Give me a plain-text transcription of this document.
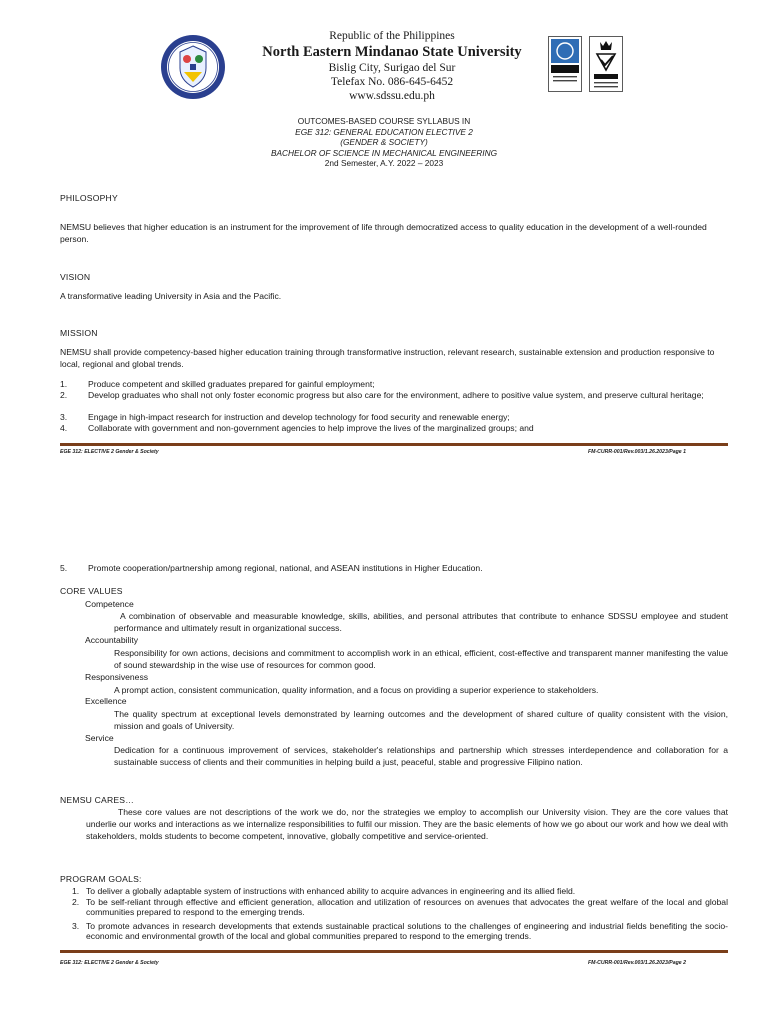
Republic of the Philippines
North Eastern Mindanao State University
Bislig City, Surigao del Sur
Telefax No. 086-645-6452
www.sdssu.edu.ph
OUTCOMES-BASED COURSE SYLLABUS IN
EGE 312: GENERAL EDUCATION ELECTIVE 2
(GENDER & SOCIETY)
BACHELOR OF SCIENCE IN MECHANICAL ENGINEERING
2nd Semester, A.Y. 2022 – 2023
PHILOSOPHY
NEMSU believes that higher education is an instrument for the improvement of life through democratized access to quality education in the development of a well-rounded person.
VISION
A transformative leading University in Asia and the Pacific.
MISSION
NEMSU shall provide competency-based higher education training through transformative instruction, relevant research, sustainable extension and production responsive to local, regional and global trends.
1. Produce competent and skilled graduates prepared for gainful employment;
2. Develop graduates who shall not only foster economic progress but also care for the environment, adhere to positive value system, and preserve cultural heritage;
3. Engage in high-impact research for instruction and develop technology for food security and renewable energy;
4. Collaborate with government and non-government agencies to help improve the lives of the marginalized groups; and
EGE 312: ELECTIVE 2 Gender & Society	FM-CURR-001/Rev.003/1.26.2023/Page 1
5. Promote cooperation/partnership among regional, national, and ASEAN institutions in Higher Education.
CORE VALUES
Competence
A combination of observable and measurable knowledge, skills, abilities, and personal attributes that contribute to enhance SDSSU employee and student performance and ultimately result in organizational success.
Accountability
Responsibility for own actions, decisions and commitment to accomplish work in an ethical, efficient, cost-effective and transparent manner manifesting the value of sound stewardship in the wise use of resources for common good.
Responsiveness
A prompt action, consistent communication, quality information, and a focus on providing a superior experience to stakeholders.
Excellence
The quality spectrum at exceptional levels demonstrated by learning outcomes and the development of shared culture of quality consistent with the vision, mission and goals of University.
Service
Dedication for a continuous improvement of services, stakeholder's relationships and partnership which stresses interdependence and collaboration for a sustainable success of clients and their communities in helping build a just, peaceful, stable and progressive Filipino nation.
NEMSU CARES…
These core values are not descriptions of the work we do, nor the strategies we employ to accomplish our University vision. They are the core values that underlie our works and interactions as we internalize responsibilities to fulfil our mission. They are the basic elements of how we go about our work and how we deal with stakeholders, molds students to become competent, innovative, globally competitive and service-oriented.
PROGRAM GOALS:
1. To deliver a globally adaptable system of instructions with enhanced ability to acquire advances in engineering and its allied field.
2. To be self-reliant through effective and efficient generation, allocation and utilization of resources on avenues that advocates the great welfare of the local and global communities prepared to respond to the emerging trends.
3. To promote advances in research developments that extends sustainable practical solutions to the challenges of engineering and industrial fields benefiting the socio-economic and environmental growth of the local and global communities prepared to respond to the emerging trends.
EGE 312: ELECTIVE 2 Gender & Society	FM-CURR-001/Rev.003/1.26.2023/Page 2
